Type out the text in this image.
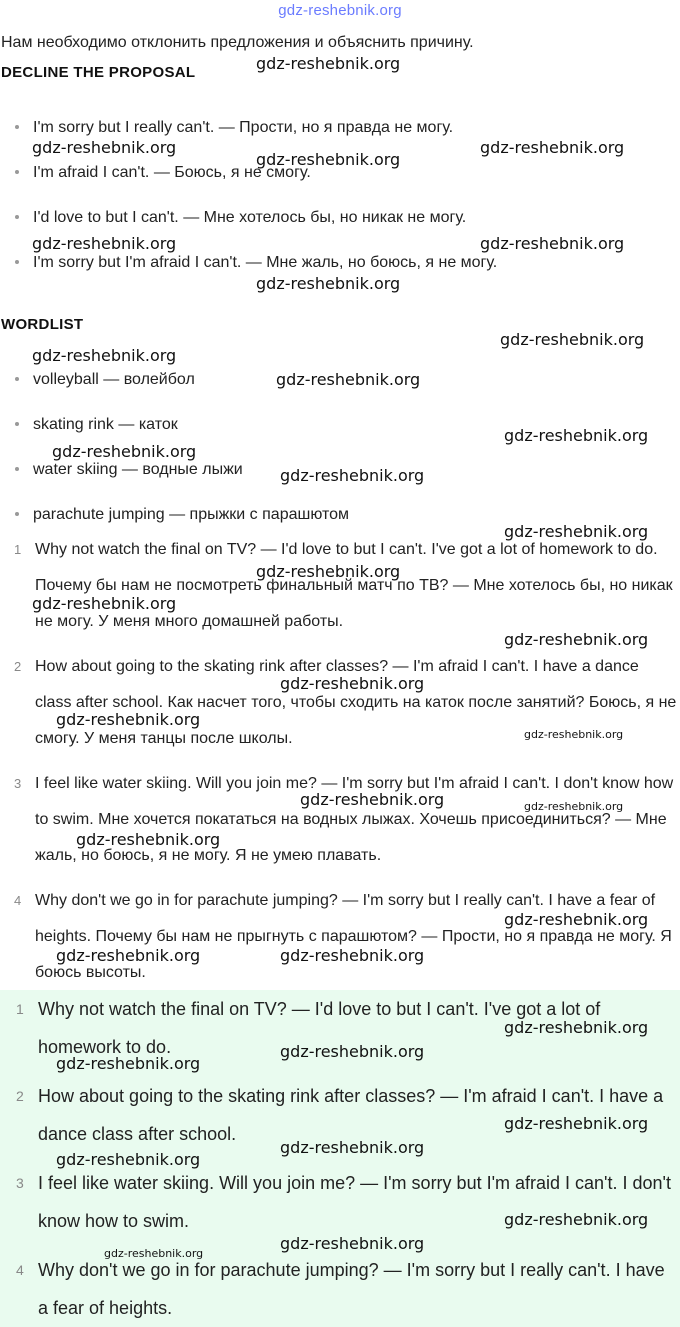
gdz-reshebnik.org
Нам необходимо отклонить предложения и объяснить причину.
DECLINE THE PROPOSAL
I'm sorry but I really can't. — Прости, но я правда не могу.
I'm afraid I can't. — Боюсь, я не смогу.
I'd love to but I can't. — Мне хотелось бы, но никак не могу.
I'm sorry but I'm afraid I can't. — Мне жаль, но боюсь, я не могу.
WORDLIST
volleyball — волейбол
skating rink — каток
water skiing — водные лыжи
parachute jumping — прыжки с парашютом
1 Why not watch the final on TV? — I'd love to but I can't. I've got a lot of homework to do. Почему бы нам не посмотреть финальный матч по ТВ? — Мне хотелось бы, но никак не могу. У меня много домашней работы.
2 How about going to the skating rink after classes? — I'm afraid I can't. I have a dance class after school. Как насчет того, чтобы сходить на каток после занятий? Боюсь, я не смогу. У меня танцы после школы.
3 I feel like water skiing. Will you join me? — I'm sorry but I'm afraid I can't. I don't know how to swim. Мне хочется покататься на водных лыжах. Хочешь присоединиться? — Мне жаль, но боюсь, я не могу. Я не умею плавать.
4 Why don't we go in for parachute jumping? — I'm sorry but I really can't. I have a fear of heights. Почему бы нам не прыгнуть с парашютом? — Прости, но я правда не могу. Я боюсь высоты.
1 Why not watch the final on TV? — I'd love to but I can't. I've got a lot of homework to do.
2 How about going to the skating rink after classes? — I'm afraid I can't. I have a dance class after school.
3 I feel like water skiing. Will you join me? — I'm sorry but I'm afraid I can't. I don't know how to swim.
4 Why don't we go in for parachute jumping? — I'm sorry but I really can't. I have a fear of heights.
gdz-reshebnik.org
gdz-reshebnik.org
gdz-reshebnik.org
gdz-reshebnik.org
gdz-reshebnik.org	gdz-reshebnik.org
gdz-reshebnik.org
gdz-reshebnik.org
gdz-reshebnik.org
gdz-reshebnik.org
gdz-reshebnik.org
gdz-reshebnik.org
gdz-reshebnik.org
gdz-reshebnik.org
gdz-reshebnik.org
gdz-reshebnik.org
gdz-reshebnik.org
gdz-reshebnik.org
gdz-reshebnik.org
gdz-reshebnik.org
gdz-reshebnik.org	gdz-reshebnik.org
gdz-reshebnik.org
gdz-reshebnik.org
gdz-reshebnik.org	gdz-reshebnik.org
gdz-reshebnik.org
gdz-reshebnik.org
gdz-reshebnik.org
gdz-reshebnik.org
gdz-reshebnik.org
gdz-reshebnik.org
gdz-reshebnik.org
gdz-reshebnik.org
gdz-reshebnik.org
